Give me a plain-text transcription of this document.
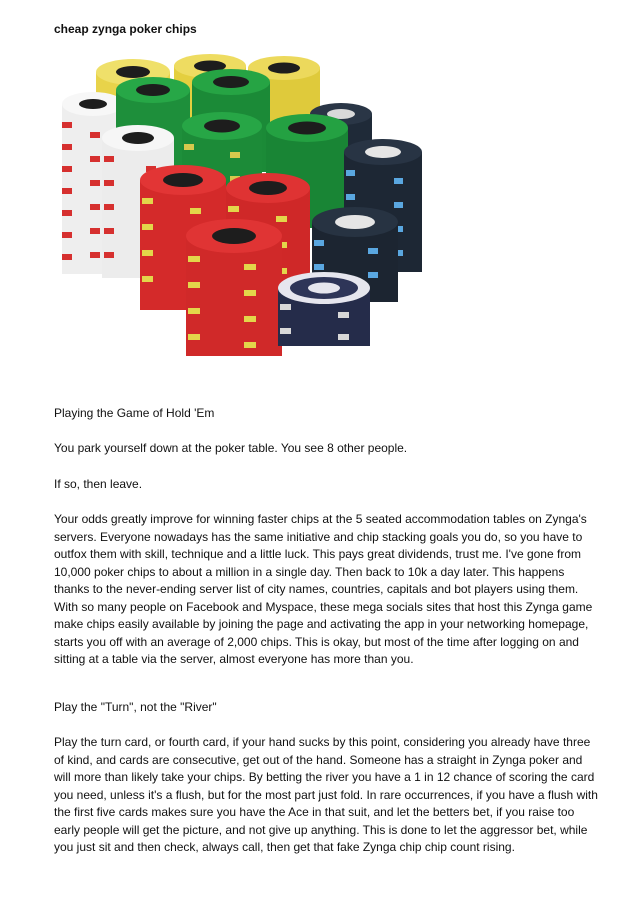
cheap zynga poker chips

Playing the Game of Hold 'Em

You park yourself down at the poker table. You see 8 other people.

If so, then leave.

Your odds greatly improve for winning faster chips at the 5 seated accommodation tables on Zynga's servers. Everyone nowadays has the same initiative and chip stacking goals you do, so you have to outfox them with skill, technique and a little luck. This pays great dividends, trust me. I've gone from 10,000 poker chips to about a million in a single day. Then back to 10k a day later. This happens thanks to the never-ending server list of city names, countries, capitals and bot players using them. With so many people on Facebook and Myspace, these mega socials sites that host this Zynga game make chips easily available by joining the page and activating the app in your networking homepage, starts you off with an average of 2,000 chips. This is okay, but most of the time after logging on and sitting at a table via the server, almost everyone has more than you.

Play the "Turn", not the "River"

Play the turn card, or fourth card, if your hand sucks by this point, considering you already have three of kind, and cards are consecutive, get out of the hand. Someone has a straight in Zynga poker and will more than likely take your chips. By betting the river you have a 1 in 12 chance of scoring the card you need, unless it's a flush, but for the most part just fold. In rare occurrences, if you have a flush with the first five cards makes sure you have the Ace in that suit, and let the betters bet, if you raise too early people will get the picture, and not give up anything. This is done to let the aggressor bet, while you just sit and then check, always call, then get that fake Zynga chip chip count rising.
